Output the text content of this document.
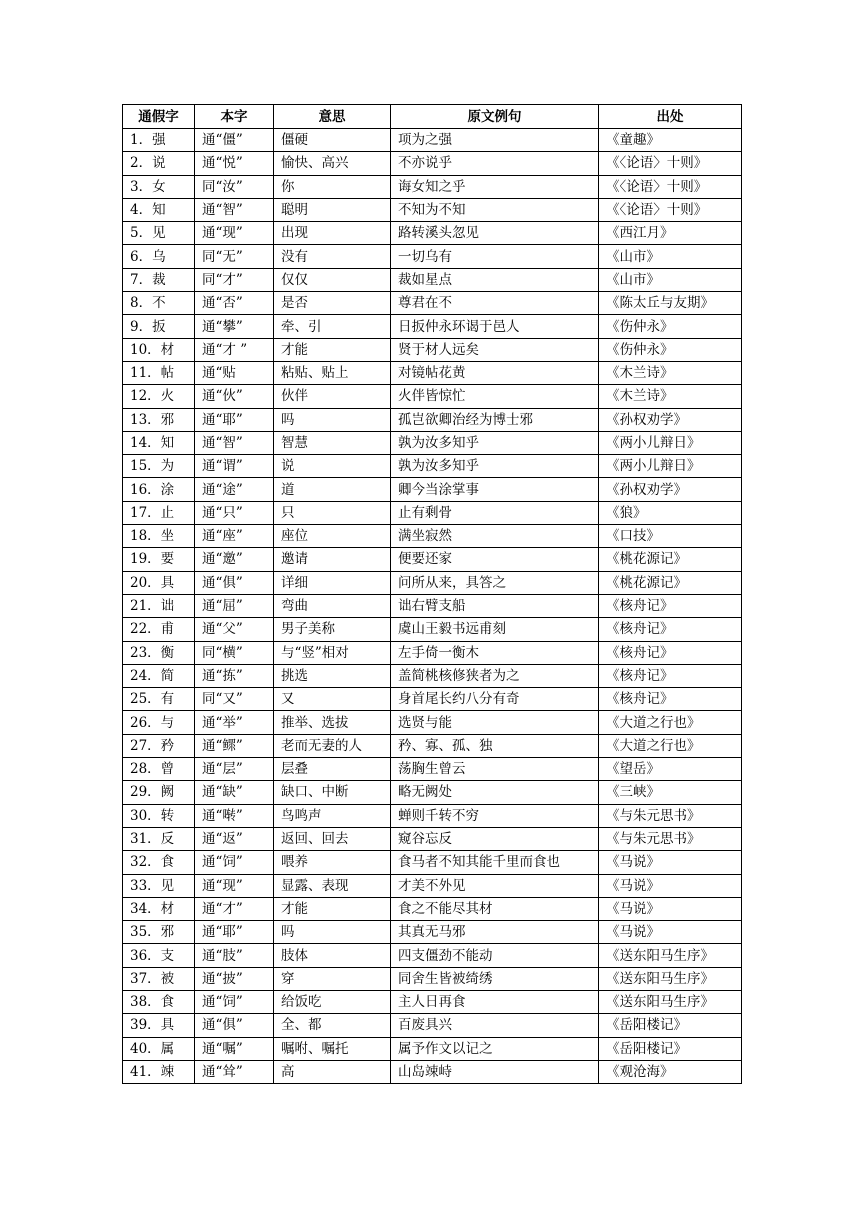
通假字	本字	意思	原文例句	出处
1．强	通“僵”	僵硬	项为之强	《童趣》
2．说	通“悦”	愉快、高兴	不亦说乎	《〈论语〉十则》
3．女	同“汝”	你	诲女知之乎	《〈论语〉十则》
4．知	通“智”	聪明	不知为不知	《〈论语〉十则》
5．见	通“现”	出现	路转溪头忽见	《西江月》
6．乌	同“无”	没有	一切乌有	《山市》
7．裁	同“才”	仅仅	裁如星点	《山市》
8．不	通“否”	是否	尊君在不	《陈太丘与友期》
9．扳	通“攀”	牵、引	日扳仲永环谒于邑人	《伤仲永》
10．材	通“才 ”	才能	贤于材人远矣	《伤仲永》
11．帖	通“贴	粘贴、贴上	对镜帖花黄	《木兰诗》
12．火	通“伙”	伙伴	火伴皆惊忙	《木兰诗》
13．邪	通“耶”	吗	孤岂欲卿治经为博士邪	《孙权劝学》
14．知	通“智”	智慧	孰为汝多知乎	《两小儿辩日》
15．为	通“谓”	说	孰为汝多知乎	《两小儿辩日》
16．涂	通“途”	道	卿今当涂掌事	《孙权劝学》
17．止	通“只”	只	止有剩骨	《狼》
18．坐	通“座”	座位	满坐寂然	《口技》
19．要	通“邀”	邀请	便要还家	《桃花源记》
20．具	通“俱”	详细	问所从来，具答之	《桃花源记》
21．诎	通“屈”	弯曲	诎右臂支船	《核舟记》
22．甫	通“父”	男子美称	虞山王毅书远甫刻	《核舟记》
23．衡	同“横”	与“竖”相对	左手倚一衡木	《核舟记》
24．简	通“拣”	挑选	盖简桃核修狭者为之	《核舟记》
25．有	同“又”	又	身首尾长约八分有奇	《核舟记》
26．与	通“举”	推举、选拔	选贤与能	《大道之行也》
27．矜	通“鳏”	老而无妻的人	矜、寡、孤、独	《大道之行也》
28．曾	通“层”	层叠	荡胸生曾云	《望岳》
29．阙	通“缺”	缺口、中断	略无阙处	《三峡》
30．转	通“啭”	鸟鸣声	蝉则千转不穷	《与朱元思书》
31．反	通“返”	返回、回去	窥谷忘反	《与朱元思书》
32．食	通“饲”	喂养	食马者不知其能千里而食也	《马说》
33．见	通“现”	显露、表现	才美不外见	《马说》
34．材	通“才”	才能	食之不能尽其材	《马说》
35．邪	通“耶”	吗	其真无马邪	《马说》
36．支	通“肢”	肢体	四支僵劲不能动	《送东阳马生序》
37．被	通“披”	穿	同舍生皆被绮绣	《送东阳马生序》
38．食	通“饲”	给饭吃	主人日再食	《送东阳马生序》
39．具	通“俱”	全、都	百废具兴	《岳阳楼记》
40．属	通“嘱”	嘱咐、嘱托	属予作文以记之	《岳阳楼记》
41．竦	通“耸”	高	山岛竦峙	《观沧海》
